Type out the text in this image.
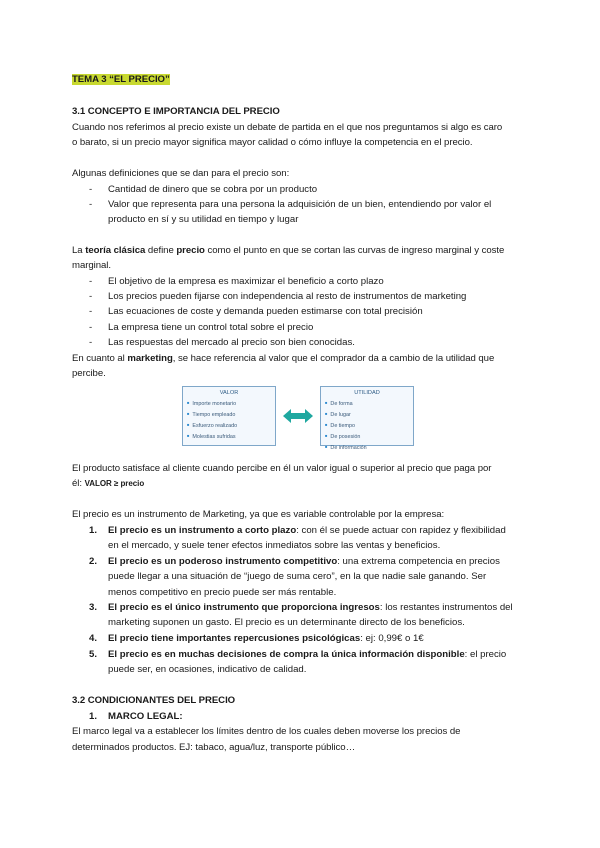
TEMA 3 “EL PRECIO”
3.1 CONCEPTO E IMPORTANCIA DEL PRECIO
Cuando nos referimos al precio existe un debate de partida en el que nos preguntamos si algo es caro
o barato, si un precio mayor significa mayor calidad o cómo influye la competencia en el precio.
Algunas definiciones que se dan para el precio son:
- Cantidad de dinero que se cobra por un producto
- Valor que representa para una persona la adquisición de un bien, entendiendo por valor el
producto en sí y su utilidad en tiempo y lugar
La teoría clásica define precio como el punto en que se cortan las curvas de ingreso marginal y coste
marginal.
- El objetivo de la empresa es maximizar el beneficio a corto plazo
- Los precios pueden fijarse con independencia al resto de instrumentos de marketing
- Las ecuaciones de coste y demanda pueden estimarse con total precisión
- La empresa tiene un control total sobre el precio
- Las respuestas del mercado al precio son bien conocidas.
En cuanto al marketing, se hace referencia al valor que el comprador da a cambio de la utilidad que
percibe.
VALOR
■ Importe monetario
■ Tiempo empleado
■ Esfuerzo realizado
■ Molestias sufridas
UTILIDAD
■ De forma
■ De lugar
■ De tiempo
■ De posesión
■ De información
El producto satisface al cliente cuando percibe en él un valor igual o superior al precio que paga por
él: VALOR ≥ precio
El precio es un instrumento de Marketing, ya que es variable controlable por la empresa:
1. El precio es un instrumento a corto plazo: con él se puede actuar con rapidez y flexibilidad
en el mercado, y suele tener efectos inmediatos sobre las ventas y beneficios.
2. El precio es un poderoso instrumento competitivo: una extrema competencia en precios
puede llegar a una situación de “juego de suma cero”, en la que nadie sale ganando. Ser
menos competitivo en precio puede ser más rentable.
3. El precio es el único instrumento que proporciona ingresos: los restantes instrumentos del
marketing suponen un gasto. El precio es un determinante directo de los beneficios.
4. El precio tiene importantes repercusiones psicológicas: ej: 0,99€ o 1€
5. El precio es en muchas decisiones de compra la única información disponible: el precio
puede ser, en ocasiones, indicativo de calidad.
3.2 CONDICIONANTES DEL PRECIO
1. MARCO LEGAL:
El marco legal va a establecer los límites dentro de los cuales deben moverse los precios de
determinados productos. EJ: tabaco, agua/luz, transporte público…
